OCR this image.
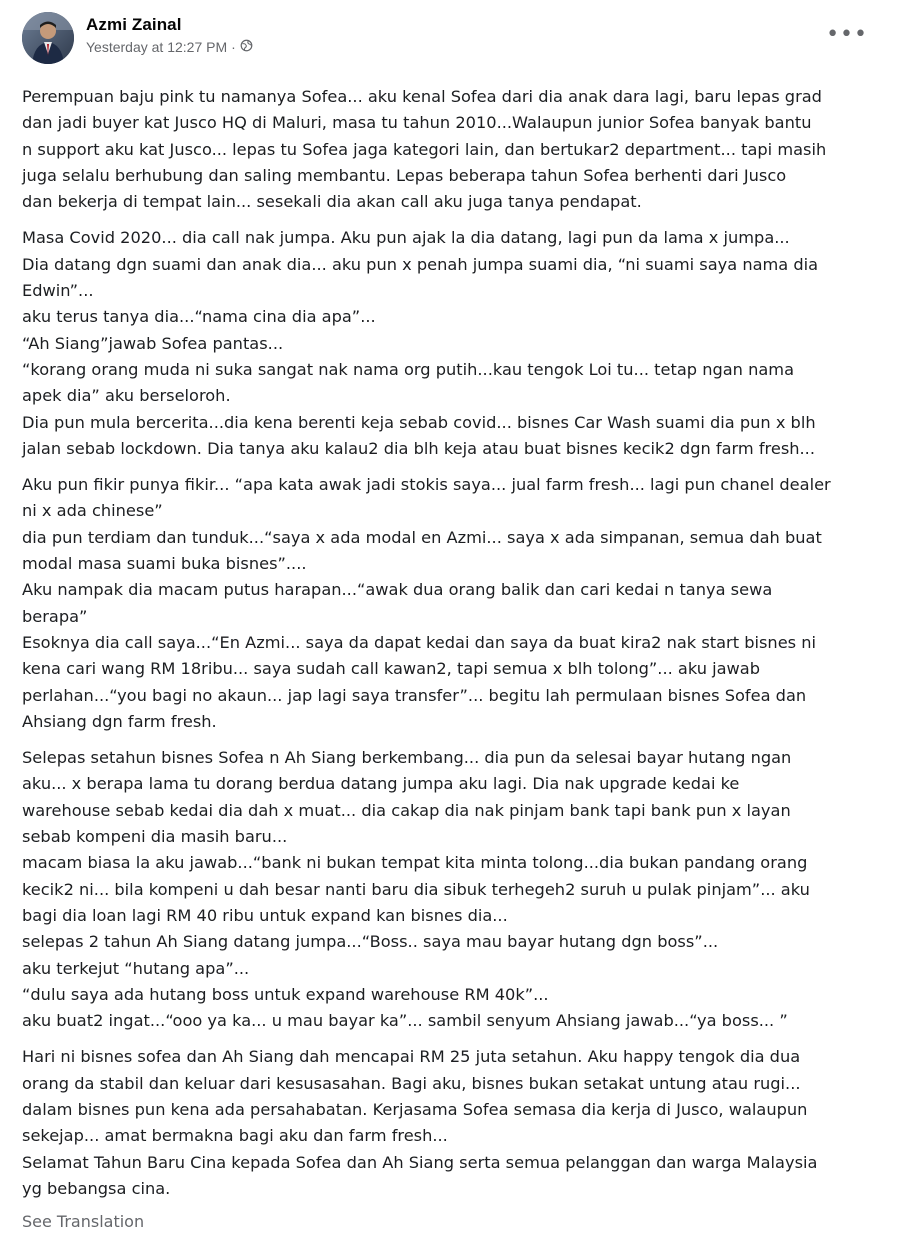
Azmi Zainal
Yesterday at 12:27 PM ·	•••
Perempuan baju pink tu namanya Sofea... aku kenal Sofea dari dia anak dara lagi, baru lepas grad
dan jadi buyer kat Jusco HQ di Maluri, masa tu tahun 2010...Walaupun junior Sofea banyak bantu
n support aku kat Jusco... lepas tu Sofea jaga kategori lain, dan bertukar2 department... tapi masih
juga selalu berhubung dan saling membantu. Lepas beberapa tahun Sofea berhenti dari Jusco
dan bekerja di tempat lain... sesekali dia akan call aku juga tanya pendapat.
Masa Covid 2020... dia call nak jumpa. Aku pun ajak la dia datang, lagi pun da lama x jumpa...
Dia datang dgn suami dan anak dia... aku pun x penah jumpa suami dia, “ni suami saya nama dia
Edwin”...
aku terus tanya dia...“nama cina dia apa”...
“Ah Siang”jawab Sofea pantas...
“korang orang muda ni suka sangat nak nama org putih...kau tengok Loi tu... tetap ngan nama
apek dia” aku berseloroh.
Dia pun mula bercerita...dia kena berenti keja sebab covid... bisnes Car Wash suami dia pun x blh
jalan sebab lockdown. Dia tanya aku kalau2 dia blh keja atau buat bisnes kecik2 dgn farm fresh...
Aku pun fikir punya fikir... “apa kata awak jadi stokis saya... jual farm fresh... lagi pun chanel dealer
ni x ada chinese”
dia pun terdiam dan tunduk...“saya x ada modal en Azmi... saya x ada simpanan, semua dah buat
modal masa suami buka bisnes”....
Aku nampak dia macam putus harapan...“awak dua orang balik dan cari kedai n tanya sewa
berapa”
Esoknya dia call saya...“En Azmi... saya da dapat kedai dan saya da buat kira2 nak start bisnes ni
kena cari wang RM 18ribu... saya sudah call kawan2, tapi semua x blh tolong”... aku jawab
perlahan...“you bagi no akaun... jap lagi saya transfer”... begitu lah permulaan bisnes Sofea dan
Ahsiang dgn farm fresh.
Selepas setahun bisnes Sofea n Ah Siang berkembang... dia pun da selesai bayar hutang ngan
aku... x berapa lama tu dorang berdua datang jumpa aku lagi. Dia nak upgrade kedai ke
warehouse sebab kedai dia dah x muat... dia cakap dia nak pinjam bank tapi bank pun x layan
sebab kompeni dia masih baru...
macam biasa la aku jawab...“bank ni bukan tempat kita minta tolong...dia bukan pandang orang
kecik2 ni... bila kompeni u dah besar nanti baru dia sibuk terhegeh2 suruh u pulak pinjam”... aku
bagi dia loan lagi RM 40 ribu untuk expand kan bisnes dia...
selepas 2 tahun Ah Siang datang jumpa...“Boss.. saya mau bayar hutang dgn boss”...
aku terkejut “hutang apa”...
“dulu saya ada hutang boss untuk expand warehouse RM 40k”...
aku buat2 ingat...“ooo ya ka... u mau bayar ka”... sambil senyum Ahsiang jawab...“ya boss... ”
Hari ni bisnes sofea dan Ah Siang dah mencapai RM 25 juta setahun. Aku happy tengok dia dua
orang da stabil dan keluar dari kesusasahan. Bagi aku, bisnes bukan setakat untung atau rugi...
dalam bisnes pun kena ada persahabatan. Kerjasama Sofea semasa dia kerja di Jusco, walaupun
sekejap... amat bermakna bagi aku dan farm fresh...
Selamat Tahun Baru Cina kepada Sofea dan Ah Siang serta semua pelanggan dan warga Malaysia
yg bebangsa cina.
See Translation
